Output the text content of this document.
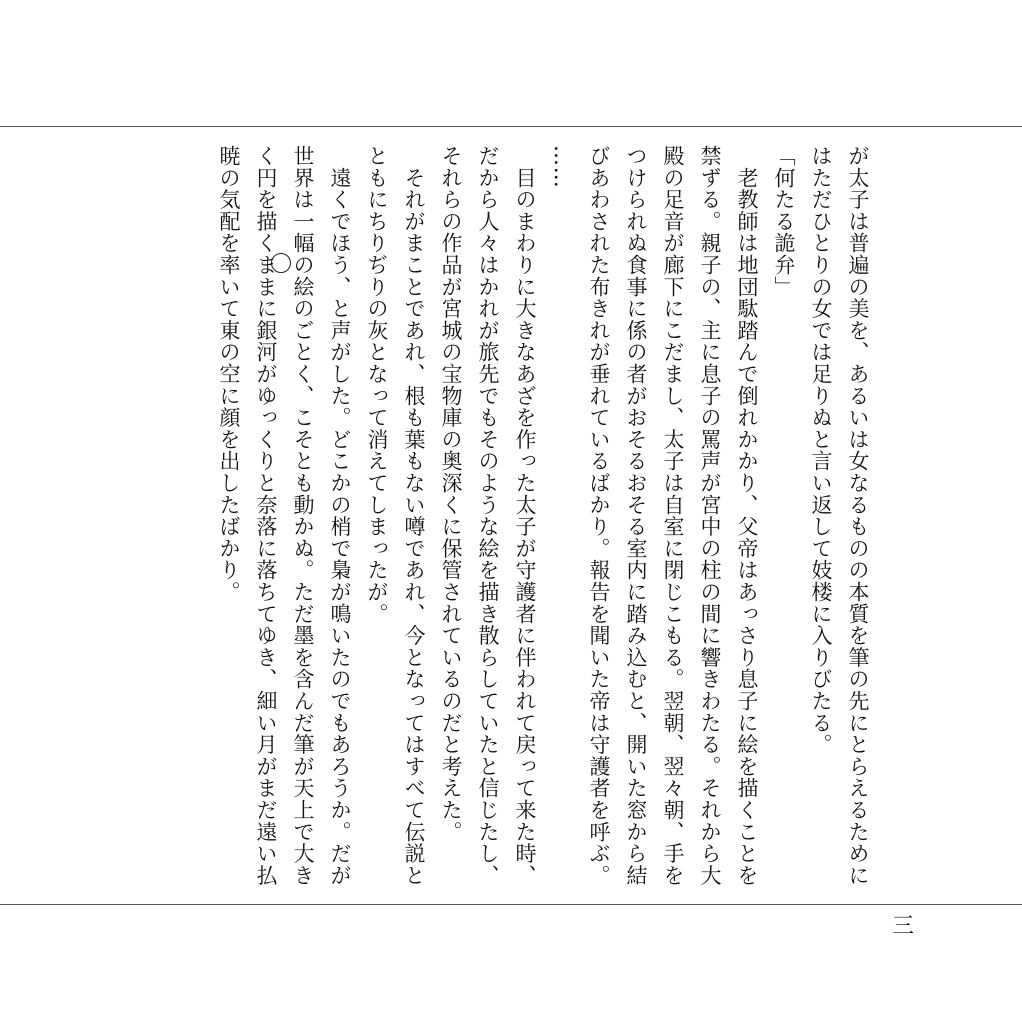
が太子は普遍の美を、あるいは女なるものの本質を筆の先にとらえるために

はただひとりの女では足りぬと言い返して妓楼に入りびたる。

「何たる詭弁」

　老教師は地団駄踏んで倒れかかり、父帝はあっさり息子に絵を描くことを

禁ずる。親子の、主に息子の罵声が宮中の柱の間に響きわたる。それから大

殿の足音が廊下にこだまし、太子は自室に閉じこもる。翌朝、翌々朝、手を

つけられぬ食事に係の者がおそるおそる室内に踏み込むと、開いた窓から結

びあわされた布きれが垂れているばかり。報告を聞いた帝は守護者を呼ぶ。

……

　目のまわりに大きなあざを作った太子が守護者に伴われて戻って来た時、

だから人々はかれが旅先でもそのような絵を描き散らしていたと信じたし、

それらの作品が宮城の宝物庫の奥深くに保管されているのだと考えた。

　それがまことであれ、根も葉もない噂であれ、今となってはすべて伝説と

ともにちりぢりの灰となって消えてしまったが。

　遠くでほう、と声がした。どこかの梢で梟が鳴いたのでもあろうか。だが

世界は一幅の絵のごとく、こそとも動かぬ。ただ墨を含んだ筆が天上で大き

く円を描くままに銀河がゆっくりと奈落に落ちてゆき、細い月がまだ遠い払

暁の気配を率いて東の空に顔を出したばかり。

三
